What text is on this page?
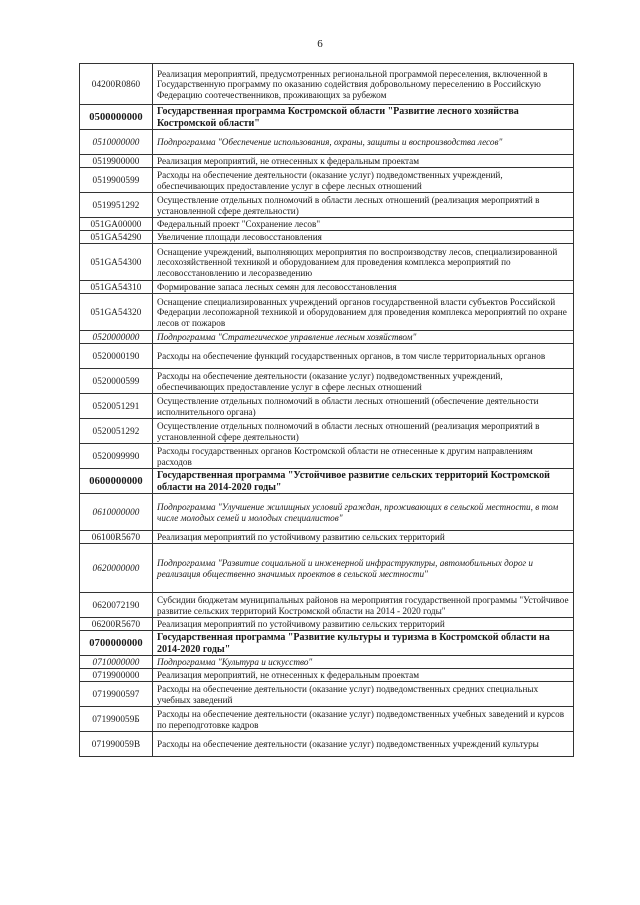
6
04200R0860	Реализация мероприятий, предусмотренных региональной программой переселения, включенной в Государственную программу по оказанию содействия добровольному переселению в Российскую Федерацию соотечественников, проживающих за рубежом
0500000000	Государственная программа Костромской области "Развитие лесного хозяйства Костромской области"
0510000000	Подпрограмма "Обеспечение использования, охраны, защиты и воспроизводства лесов"
0519900000	Реализация мероприятий, не отнесенных к федеральным проектам
0519900599	Расходы на обеспечение деятельности (оказание услуг) подведомственных учреждений, обеспечивающих предоставление услуг в сфере лесных отношений
0519951292	Осуществление отдельных полномочий в области лесных отношений (реализация мероприятий в установленной сфере деятельности)
051GA00000	Федеральный проект "Сохранение лесов"
051GA54290	Увеличение площади лесовосстановления
051GA54300	Оснащение учреждений, выполняющих мероприятия по воспроизводству лесов, специализированной лесохозяйственной техникой и оборудованием для проведения комплекса мероприятий по лесовосстановлению и лесоразведению
051GA54310	Формирование запаса лесных семян для лесовосстановления
051GA54320	Оснащение специализированных учреждений органов государственной власти субъектов Российской Федерации лесопожарной техникой и оборудованием для проведения комплекса мероприятий по охране лесов от пожаров
0520000000	Подпрограмма "Стратегическое управление лесным хозяйством"
0520000190	Расходы на обеспечение функций государственных органов, в том числе территориальных органов
0520000599	Расходы на обеспечение деятельности (оказание услуг) подведомственных учреждений, обеспечивающих предоставление услуг в сфере лесных отношений
0520051291	Осуществление отдельных полномочий в области лесных отношений (обеспечение деятельности исполнительного органа)
0520051292	Осуществление отдельных полномочий в области лесных отношений (реализация мероприятий в установленной сфере деятельности)
0520099990	Расходы государственных органов Костромской области не отнесенные к другим направлениям расходов
0600000000	Государственная программа "Устойчивое развитие сельских территорий Костромской области на 2014-2020 годы"
0610000000	Подпрограмма "Улучшение жилищных условий граждан, проживающих в сельской местности, в том числе молодых семей и молодых специалистов"
06100R5670	Реализация мероприятий по устойчивому развитию сельских территорий
0620000000	Подпрограмма "Развитие социальной и инженерной инфраструктуры, автомобильных дорог и реализация общественно значимых проектов в сельской местности"
0620072190	Субсидии бюджетам муниципальных районов на мероприятия государственной программы "Устойчивое развитие сельских территорий Костромской области на 2014 - 2020 годы"
06200R5670	Реализация мероприятий по устойчивому развитию сельских территорий
0700000000	Государственная программа "Развитие культуры и туризма в Костромской области на 2014-2020 годы"
0710000000	Подпрограмма "Культура и искусство"
0719900000	Реализация мероприятий, не отнесенных к федеральным проектам
0719900597	Расходы на обеспечение деятельности (оказание услуг) подведомственных средних специальных учебных заведений
071990059Б	Расходы на обеспечение деятельности (оказание услуг) подведомственных учебных заведений и курсов по переподготовке кадров
071990059В	Расходы на обеспечение деятельности (оказание услуг) подведомственных учреждений культуры
